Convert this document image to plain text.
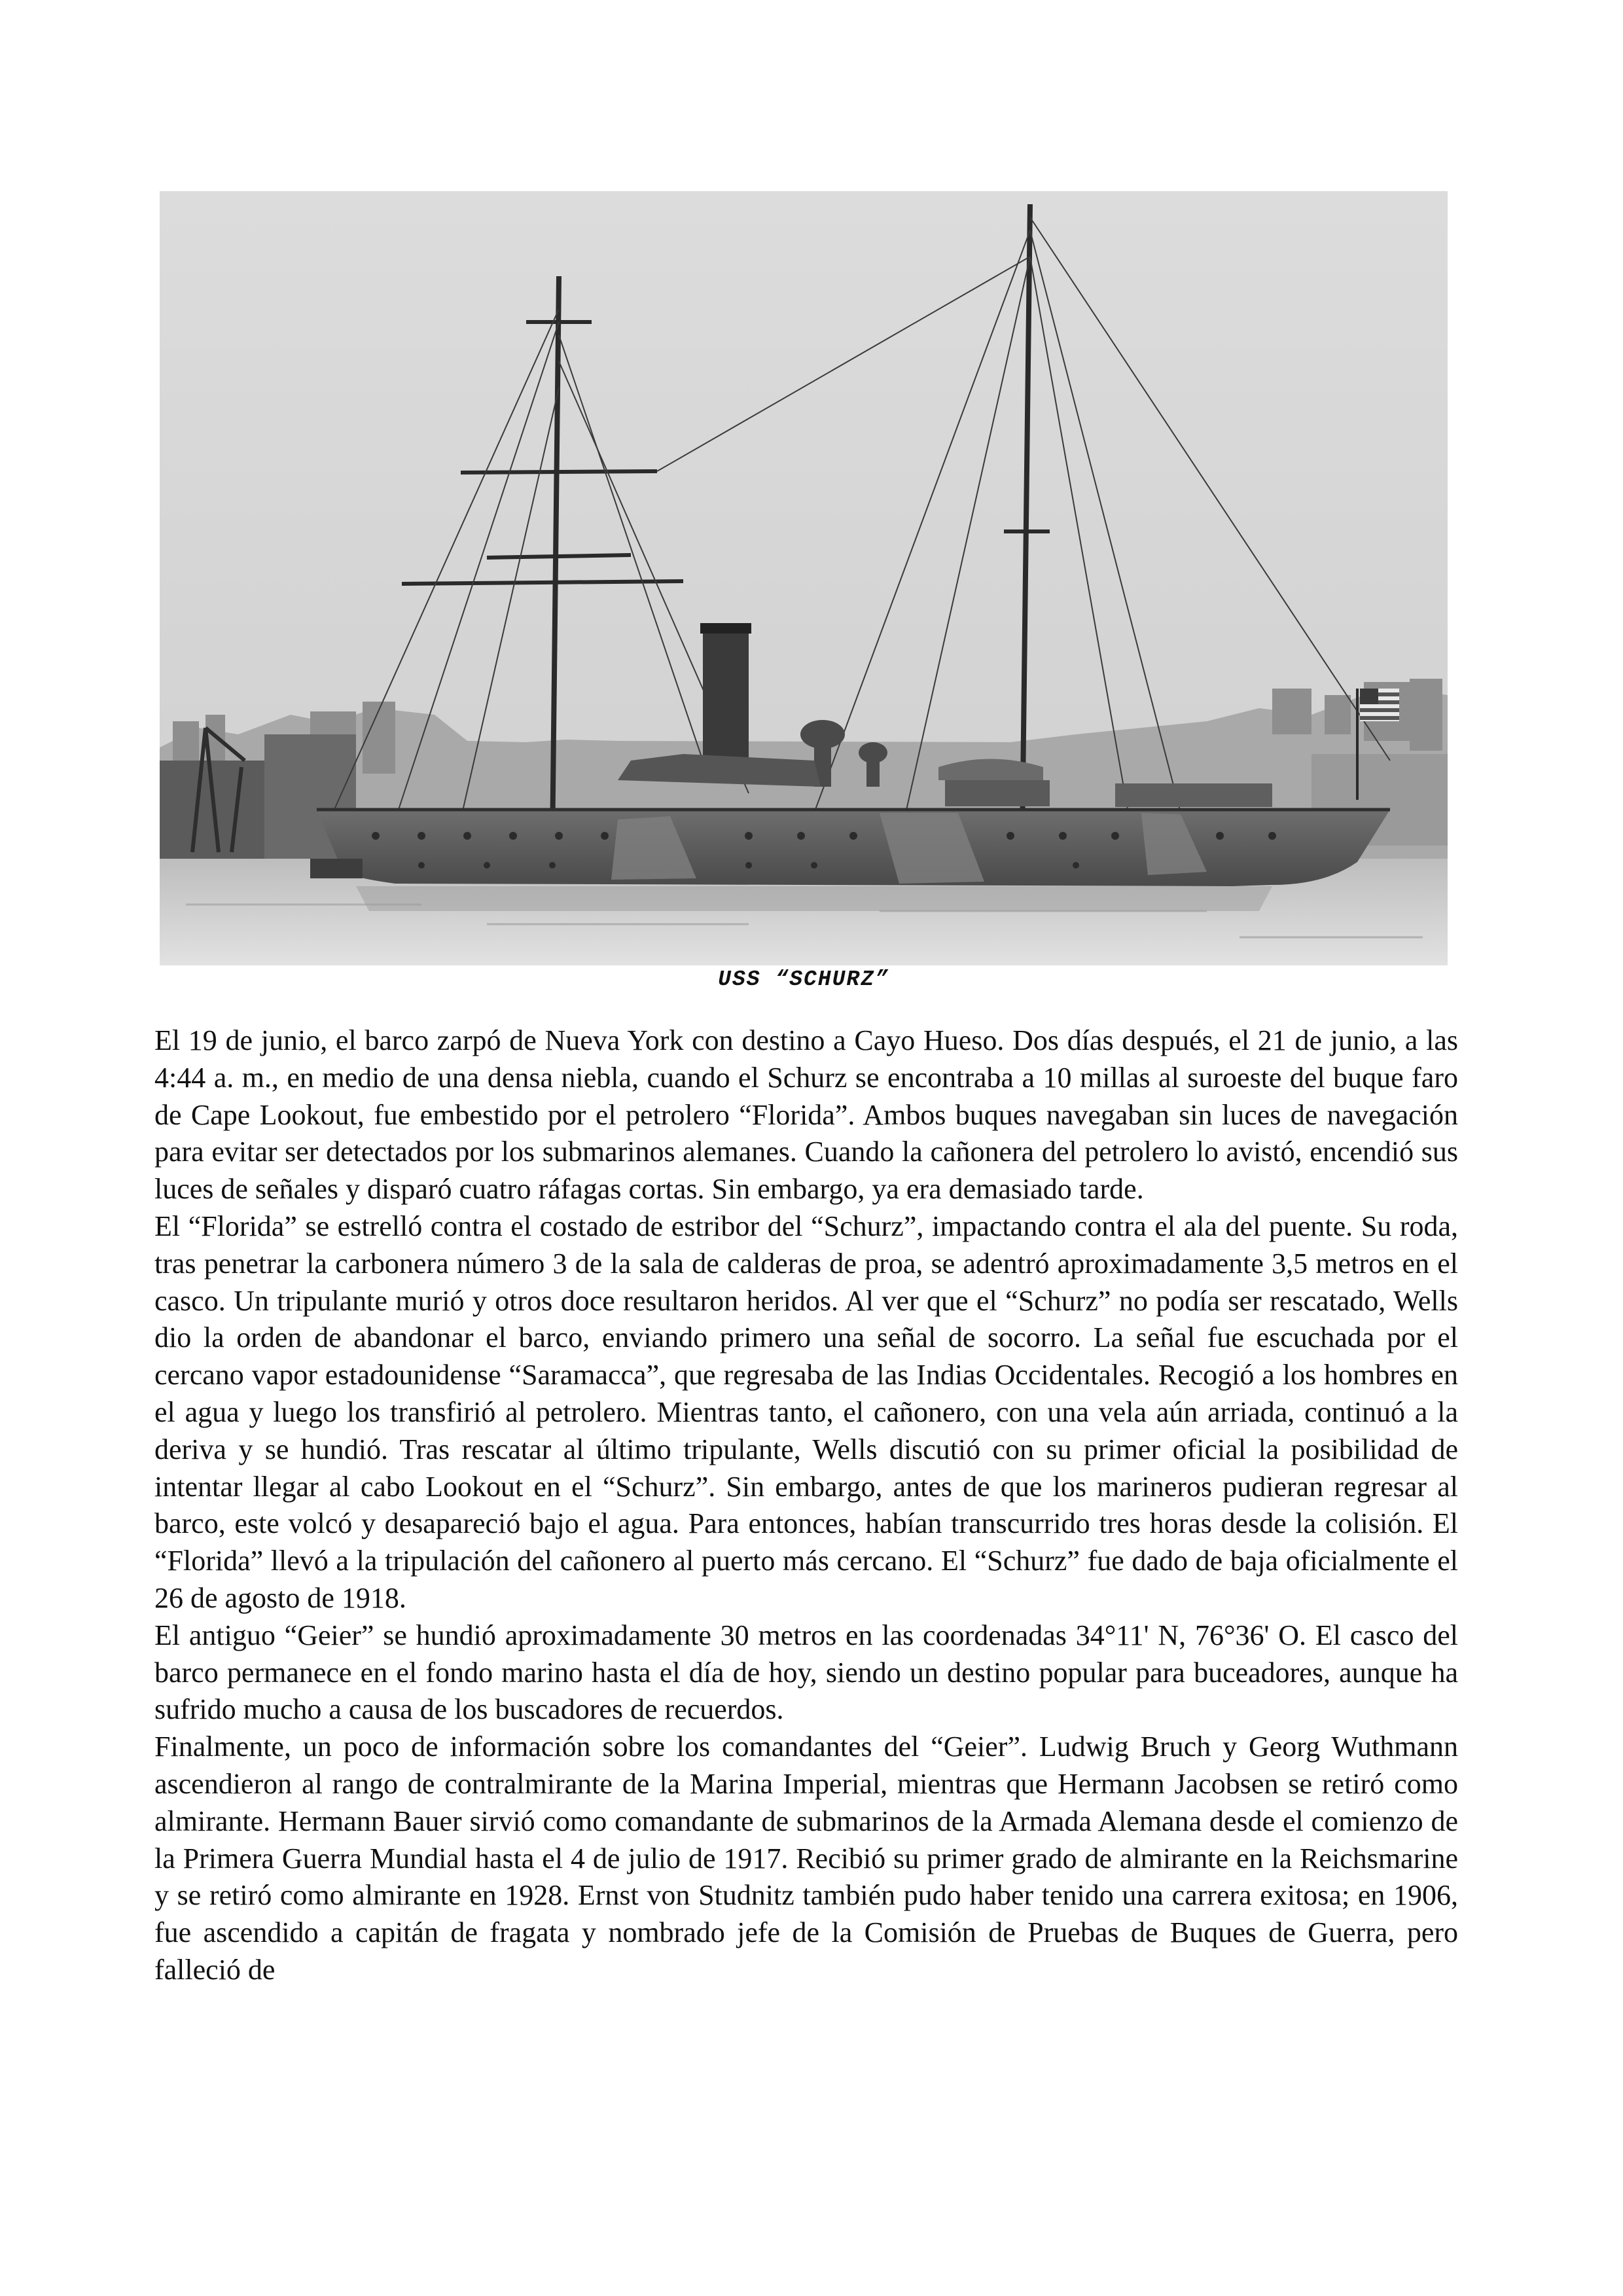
USS “SCHURZ”

El 19 de junio, el barco zarpó de Nueva York con destino a Cayo Hueso. Dos días después, el 21 de junio, a las 4:44 a. m., en medio de una densa niebla, cuando el Schurz se encontraba a 10 millas al suroeste del buque faro de Cape Lookout, fue embestido por el petrolero “Florida”. Ambos buques navegaban sin luces de navegación para evitar ser detectados por los submarinos alemanes. Cuando la cañonera del petrolero lo avistó, encendió sus luces de señales y disparó cuatro ráfagas cortas. Sin embargo, ya era demasiado tarde.

El “Florida” se estrelló contra el costado de estribor del “Schurz”, impactando contra el ala del puente. Su roda, tras penetrar la carbonera número 3 de la sala de calderas de proa, se adentró aproximadamente 3,5 metros en el casco. Un tripulante murió y otros doce resultaron heridos. Al ver que el “Schurz” no podía ser rescatado, Wells dio la orden de abandonar el barco, enviando primero una señal de socorro. La señal fue escuchada por el cercano vapor estadounidense “Saramacca”, que regresaba de las Indias Occidentales. Recogió a los hombres en el agua y luego los transfirió al petrolero. Mientras tanto, el cañonero, con una vela aún arriada, continuó a la deriva y se hundió. Tras rescatar al último tripulante, Wells discutió con su primer oficial la posibilidad de intentar llegar al cabo Lookout en el “Schurz”. Sin embargo, antes de que los marineros pudieran regresar al barco, este volcó y desapareció bajo el agua. Para entonces, habían transcurrido tres horas desde la colisión. El “Florida” llevó a la tripulación del cañonero al puerto más cercano. El “Schurz” fue dado de baja oficialmente el 26 de agosto de 1918.

El antiguo “Geier” se hundió aproximadamente 30 metros en las coordenadas 34°11' N, 76°36' O. El casco del barco permanece en el fondo marino hasta el día de hoy, siendo un destino popular para buceadores, aunque ha sufrido mucho a causa de los buscadores de recuerdos.

Finalmente, un poco de información sobre los comandantes del “Geier”. Ludwig Bruch y Georg Wuthmann ascendieron al rango de contralmirante de la Marina Imperial, mientras que Hermann Jacobsen se retiró como almirante. Hermann Bauer sirvió como comandante de submarinos de la Armada Alemana desde el comienzo de la Primera Guerra Mundial hasta el 4 de julio de 1917. Recibió su primer grado de almirante en la Reichsmarine y se retiró como almirante en 1928. Ernst von Studnitz también pudo haber tenido una carrera exitosa; en 1906, fue ascendido a capitán de fragata y nombrado jefe de la Comisión de Pruebas de Buques de Guerra, pero falleció de
